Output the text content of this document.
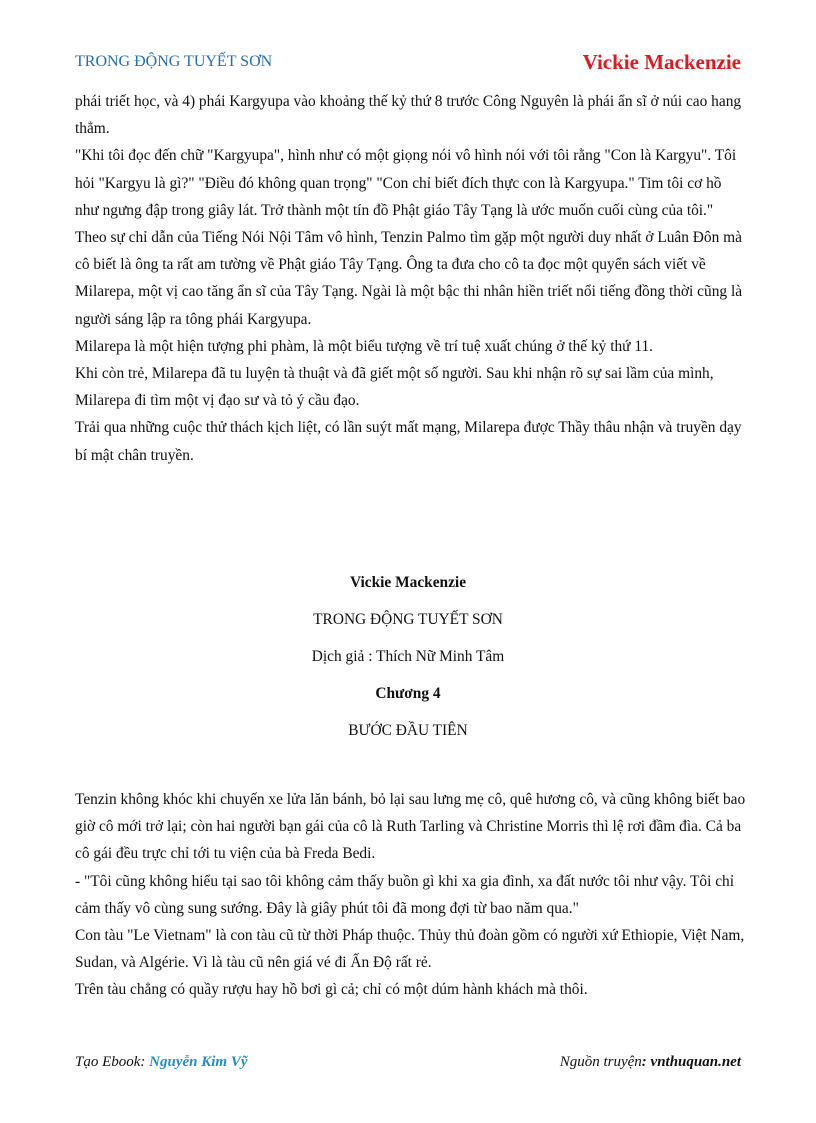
TRONG ĐỘNG TUYẾT SƠN	Vickie Mackenzie

phái triết học, và 4) phái Kargyupa vào khoảng thế kỷ thứ 8 trước Công Nguyên là phái ẩn sĩ ở núi cao hang thẳm.

"Khi tôi đọc đến chữ "Kargyupa", hình như có một giọng nói vô hình nói với tôi rằng "Con là Kargyu". Tôi hỏi "Kargyu là gì?" "Điều đó không quan trọng" "Con chỉ biết đích thực con là Kargyupa." Tim tôi cơ hồ như ngưng đập trong giây lát. Trở thành một tín đồ Phật giáo Tây Tạng là ước muốn cuối cùng của tôi."

Theo sự chỉ dẫn của Tiếng Nói Nội Tâm vô hình, Tenzin Palmo tìm gặp một người duy nhất ở Luân Đôn mà cô biết là ông ta rất am tường về Phật giáo Tây Tạng. Ông ta đưa cho cô ta đọc một quyển sách viết về Milarepa, một vị cao tăng ẩn sĩ của Tây Tạng. Ngài là một bậc thi nhân hiền triết nổi tiếng đồng thời cũng là người sáng lập ra tông phái Kargyupa.

Milarepa là một hiện tượng phi phàm, là một biểu tượng về trí tuệ xuất chúng ở thế kỷ thứ 11.

Khi còn trẻ, Milarepa đã tu luyện tà thuật và đã giết một số người. Sau khi nhận rõ sự sai lầm của mình, Milarepa đi tìm một vị đạo sư và tỏ ý cầu đạo.

Trải qua những cuộc thử thách kịch liệt, có lần suýt mất mạng, Milarepa được Thầy thâu nhận và truyền dạy bí mật chân truyền.

Vickie Mackenzie
TRONG ĐỘNG TUYẾT SƠN
Dịch giả : Thích Nữ Minh Tâm
Chương 4
BƯỚC ĐẦU TIÊN

Tenzin không khóc khi chuyến xe lửa lăn bánh, bỏ lại sau lưng mẹ cô, quê hương cô, và cũng không biết bao giờ cô mới trở lại; còn hai người bạn gái của cô là Ruth Tarling và Christine Morris thì lệ rơi đầm đìa. Cả ba cô gái đều trực chỉ tới tu viện của bà Freda Bedi.

- "Tôi cũng không hiểu tại sao tôi không cảm thấy buồn gì khi xa gia đình, xa đất nước tôi như vậy. Tôi chỉ cảm thấy vô cùng sung sướng. Đây là giây phút tôi đã mong đợi từ bao năm qua."

Con tàu "Le Vietnam" là con tàu cũ từ thời Pháp thuộc. Thủy thủ đoàn gồm có người xứ Ethiopie, Việt Nam, Sudan, và Algérie. Vì là tàu cũ nên giá vé đi Ấn Độ rất rẻ.

Trên tàu chẳng có quầy rượu hay hồ bơi gì cả; chỉ có một dúm hành khách mà thôi.

Tạo Ebook: Nguyễn Kim Vỹ	Nguồn truyện: vnthuquan.net
